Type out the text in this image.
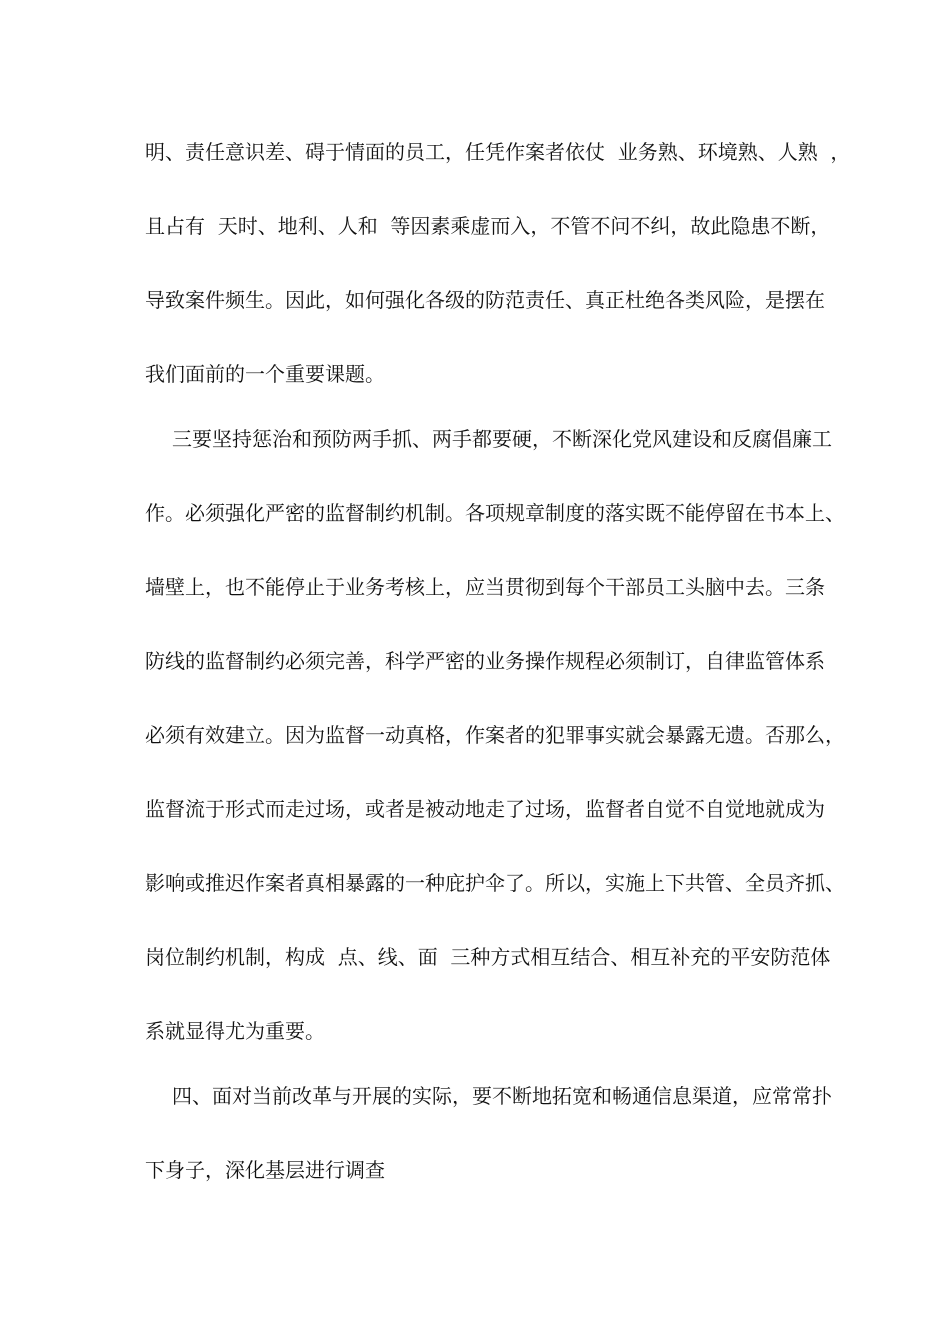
明、责任意识差、碍于情面的员工，任凭作案者依仗  业务熟、环境熟、人熟  ，
且占有  天时、地利、人和  等因素乘虚而入，不管不问不纠，故此隐患不断，
导致案件频生。因此，如何强化各级的防范责任、真正杜绝各类风险，是摆在
我们面前的一个重要课题。
三要坚持惩治和预防两手抓、两手都要硬，不断深化党风建设和反腐倡廉工
作。必须强化严密的监督制约机制。各项规章制度的落实既不能停留在书本上、
墙壁上，也不能停止于业务考核上，应当贯彻到每个干部员工头脑中去。三条
防线的监督制约必须完善，科学严密的业务操作规程必须制订，自律监管体系
必须有效建立。因为监督一动真格，作案者的犯罪事实就会暴露无遗。否那么，
监督流于形式而走过场，或者是被动地走了过场，监督者自觉不自觉地就成为
影响或推迟作案者真相暴露的一种庇护伞了。所以，实施上下共管、全员齐抓、
岗位制约机制，构成  点、线、面  三种方式相互结合、相互补充的平安防范体
系就显得尤为重要。
四、面对当前改革与开展的实际，要不断地拓宽和畅通信息渠道，应常常扑
下身子，深化基层进行调查
